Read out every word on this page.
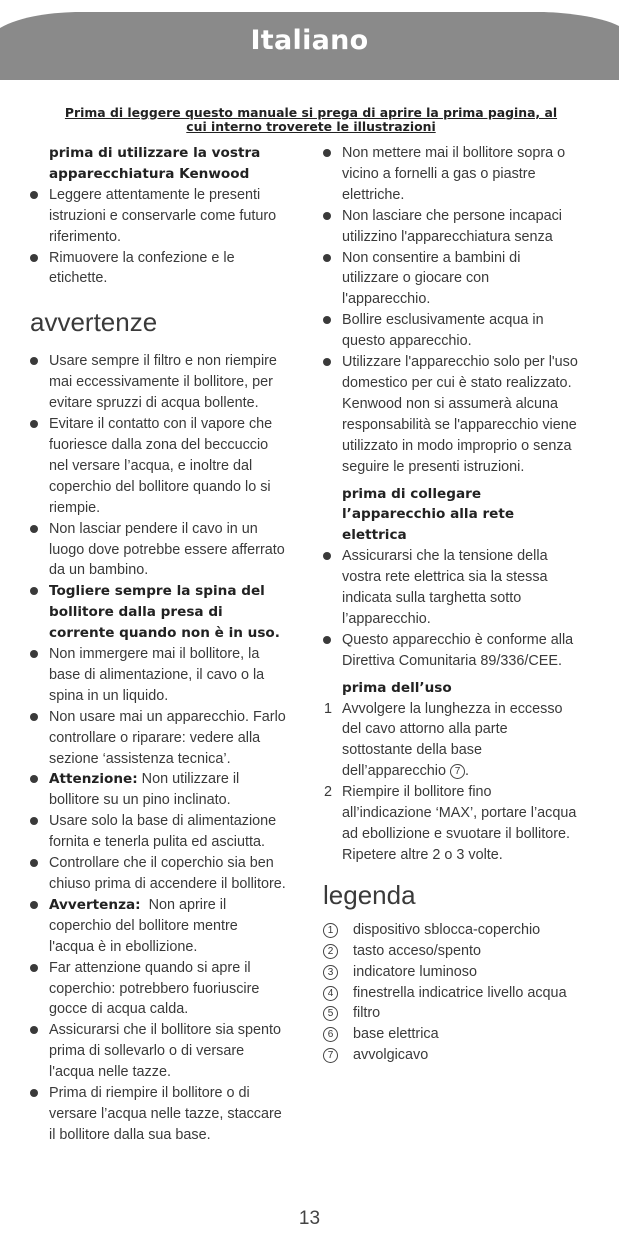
Italiano
Prima di leggere questo manuale si prega di aprire la prima pagina, al
cui interno troverete le illustrazioni
prima di utilizzare la vostra
apparecchiatura Kenwood
Leggere attentamente le presenti
istruzioni e conservarle come futuro
riferimento.
Rimuovere la confezione e le
etichette.
avvertenze
Usare sempre il filtro e non riempire
mai eccessivamente il bollitore, per
evitare spruzzi di acqua bollente.
Evitare il contatto con il vapore che
fuoriesce dalla zona del beccuccio
nel versare l’acqua, e inoltre dal
coperchio del bollitore quando lo si
riempie.
Non lasciar pendere il cavo in un
luogo dove potrebbe essere afferrato
da un bambino.
Togliere sempre la spina del
bollitore dalla presa di
corrente quando non è in uso.
Non immergere mai il bollitore, la
base di alimentazione, il cavo o la
spina in un liquido.
Non usare mai un apparecchio. Farlo
controllare o riparare: vedere alla
sezione ‘assistenza tecnica’.
Attenzione: Non utilizzare il
bollitore su un pino inclinato.
Usare solo la base di alimentazione
fornita e tenerla pulita ed asciutta.
Controllare che il coperchio sia ben
chiuso prima di accendere il bollitore.
Avvertenza: Non aprire il
coperchio del bollitore mentre
l'acqua è in ebollizione.
Far attenzione quando si apre il
coperchio: potrebbero fuoriuscire
gocce di acqua calda.
Assicurarsi che il bollitore sia spento
prima di sollevarlo o di versare
l'acqua nelle tazze.
Prima di riempire il bollitore o di
versare l’acqua nelle tazze, staccare
il bollitore dalla sua base.
Non mettere mai il bollitore sopra o
vicino a fornelli a gas o piastre
elettriche.
Non lasciare che persone incapaci
utilizzino l'apparecchiatura senza
Non consentire a bambini di
utilizzare o giocare con
l'apparecchio.
Bollire esclusivamente acqua in
questo apparecchio.
Utilizzare l'apparecchio solo per l'uso
domestico per cui è stato realizzato.
Kenwood non si assumerà alcuna
responsabilità se l'apparecchio viene
utilizzato in modo improprio o senza
seguire le presenti istruzioni.
prima di collegare
l’apparecchio alla rete
elettrica
Assicurarsi che la tensione della
vostra rete elettrica sia la stessa
indicata sulla targhetta sotto
l’apparecchio.
Questo apparecchio è conforme alla
Direttiva Comunitaria 89/336/CEE.
prima dell’uso
1 Avvolgere la lunghezza in eccesso
del cavo attorno alla parte
sottostante della base
dell’apparecchio 7 .
2 Riempire il bollitore fino
all’indicazione ‘MAX’, portare l’acqua
ad ebollizione e svuotare il bollitore.
Ripetere altre 2 o 3 volte.
legenda
1	dispositivo sblocca-coperchio
2	tasto acceso/spento
3	indicatore luminoso
4	finestrella indicatrice livello acqua
5	filtro
6	base elettrica
7	avvolgicavo
13
